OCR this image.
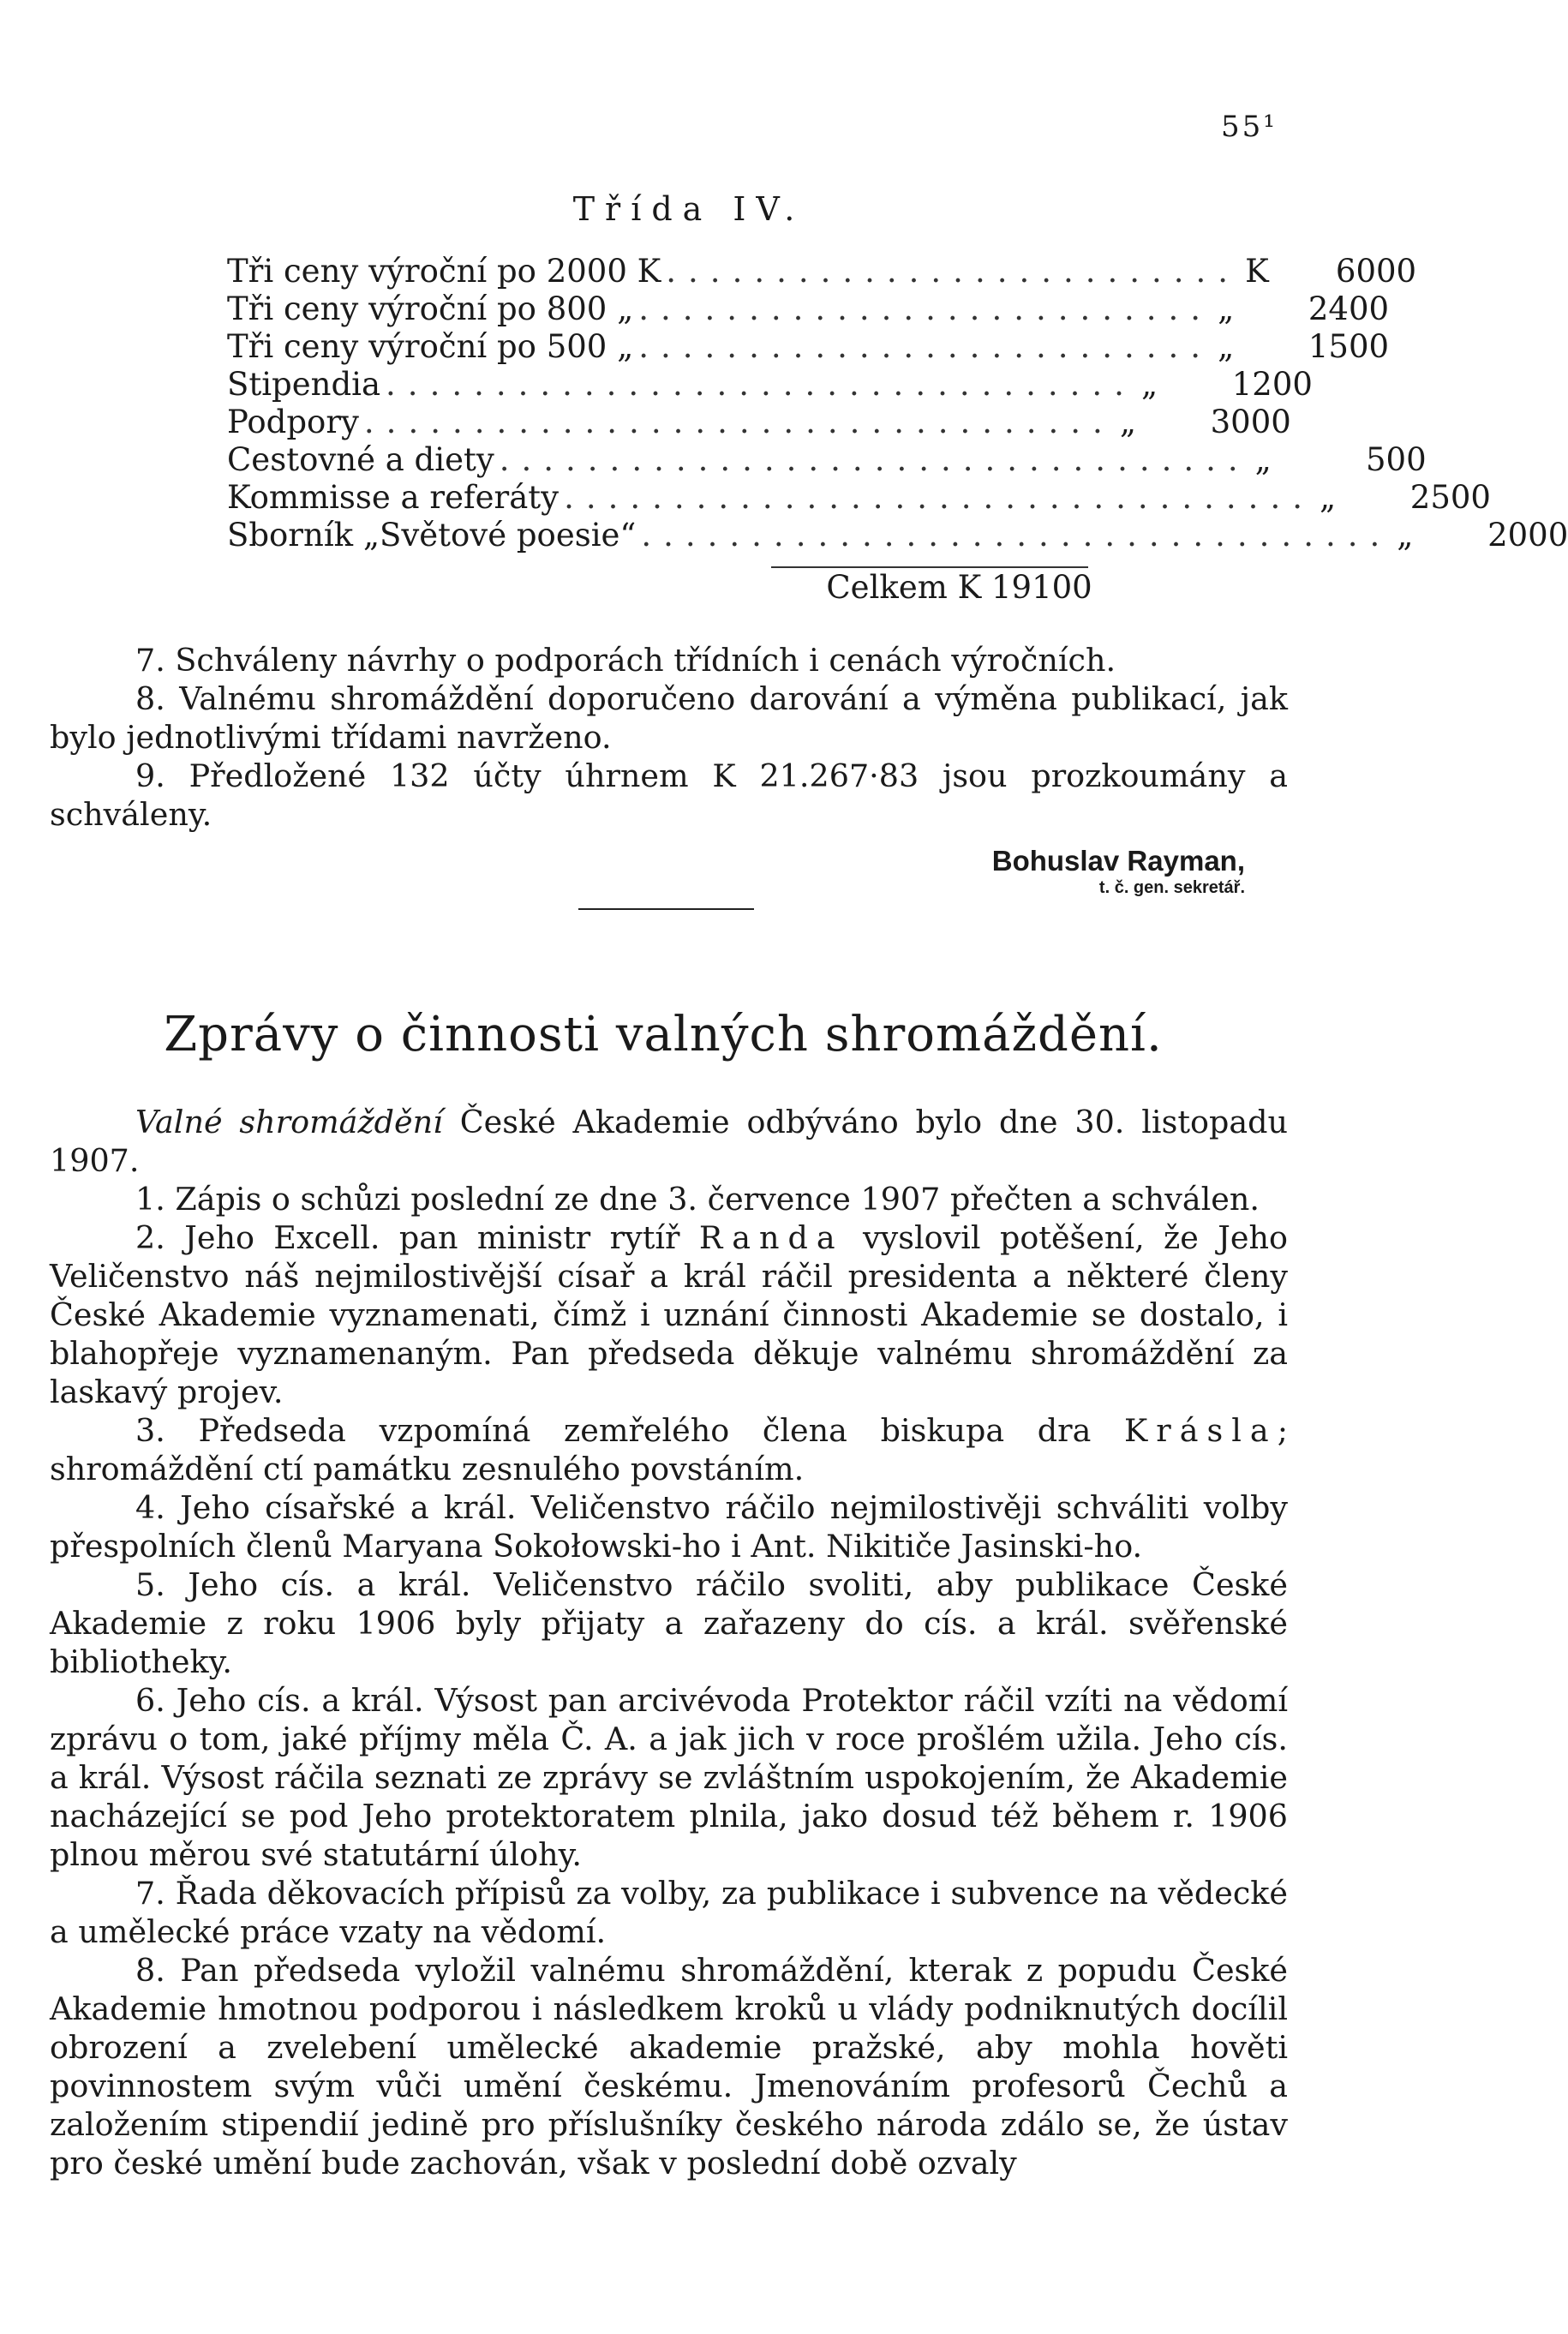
55¹
Třída IV.
Tři ceny výroční po 2000 K .......................... K	6000
Tři ceny výroční po 800 „ .......................... „	2400
Tři ceny výroční po 500 „ .......................... „	1500
Stipendia .................................. „	1200
Podpory .................................. „	3000
Cestovné a diety .................................. „	500
Kommisse a referáty .................................. „	2500
Sborník „Světové poesie“ .................................. „	2000
Celkem K 19100

7. Schváleny návrhy o podporách třídních i cenách výročních.

8. Valnému shromáždění doporučeno darování a výměna publikací, jak bylo jednotlivými třídami navrženo.

9. Předložené 132 účty úhrnem K 21.267·83 jsou prozkoumány a schváleny.

Bohuslav Rayman,
t. č. gen. sekretář.
Zprávy o činnosti valných shromáždění.

Valné shromáždění České Akademie odbýváno bylo dne 30. listopadu 1907.

1. Zápis o schůzi poslední ze dne 3. července 1907 přečten a schválen.

2. Jeho Excell. pan ministr rytíř Randa vyslovil potěšení, že Jeho Veličenstvo náš nejmilostivější císař a král ráčil presidenta a některé členy České Akademie vyznamenati, čímž i uznání činnosti Akademie se dostalo, i blahopřeje vyznamenaným. Pan předseda děkuje valnému shromáždění za laskavý projev.

3. Předseda vzpomíná zemřelého člena biskupa dra Krásla; shromáždění ctí památku zesnulého povstáním.

4. Jeho císařské a král. Veličenstvo ráčilo nejmilostivěji schváliti volby přespolních členů Maryana Sokołowski-ho i Ant. Nikitiče Jasinski-ho.

5. Jeho cís. a král. Veličenstvo ráčilo svoliti, aby publikace České Akademie z roku 1906 byly přijaty a zařazeny do cís. a král. svěřenské bibliotheky.

6. Jeho cís. a král. Výsost pan arcivévoda Protektor ráčil vzíti na vědomí zprávu o tom, jaké příjmy měla Č. A. a jak jich v roce prošlém užila. Jeho cís. a král. Výsost ráčila seznati ze zprávy se zvláštním uspokojením, že Akademie nacházející se pod Jeho protektoratem plnila, jako dosud též během r. 1906 plnou měrou své statutární úlohy.

7. Řada děkovacích přípisů za volby, za publikace i subvence na vědecké a umělecké práce vzaty na vědomí.

8. Pan předseda vyložil valnému shromáždění, kterak z popudu České Akademie hmotnou podporou i následkem kroků u vlády podniknutých docílil obrození a zvelebení umělecké akademie pražské, aby mohla hověti povinnostem svým vůči umění českému. Jmenováním profesorů Čechů a založením stipendií jedině pro příslušníky českého národa zdálo se, že ústav pro české umění bude zachován, však v poslední době ozvaly
